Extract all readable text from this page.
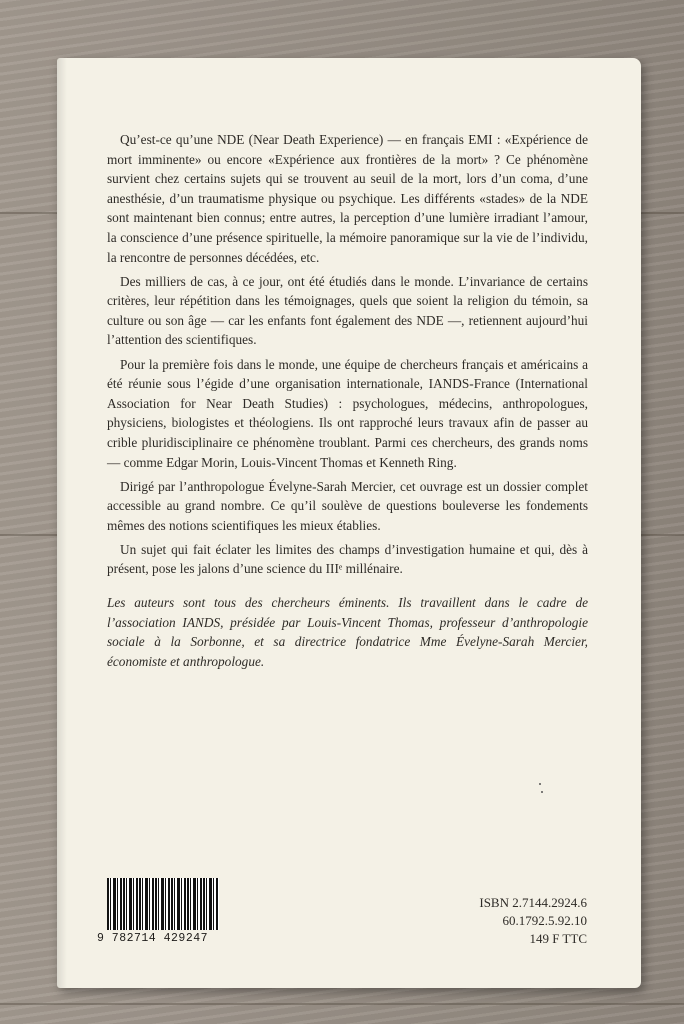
Qu’est-ce qu’une NDE (Near Death Experience) — en français EMI : «Expérience de mort imminente» ou encore «Expérience aux frontières de la mort» ? Ce phénomène survient chez certains sujets qui se trouvent au seuil de la mort, lors d’un coma, d’une anesthésie, d’un traumatisme physique ou psychique. Les différents «stades» de la NDE sont maintenant bien connus; entre autres, la perception d’une lumière irradiant l’amour, la conscience d’une présence spirituelle, la mémoire panoramique sur la vie de l’individu, la rencontre de personnes décédées, etc.

Des milliers de cas, à ce jour, ont été étudiés dans le monde. L’invariance de certains critères, leur répétition dans les témoignages, quels que soient la religion du témoin, sa culture ou son âge — car les enfants font également des NDE —, retiennent aujourd’hui l’attention des scientifiques.

Pour la première fois dans le monde, une équipe de chercheurs français et américains a été réunie sous l’égide d’une organisation internationale, IANDS-France (International Association for Near Death Studies) : psychologues, médecins, anthropologues, physiciens, biologistes et théologiens. Ils ont rapproché leurs travaux afin de passer au crible pluridisciplinaire ce phénomène troublant. Parmi ces chercheurs, des grands noms — comme Edgar Morin, Louis-Vincent Thomas et Kenneth Ring.

Dirigé par l’anthropologue Évelyne-Sarah Mercier, cet ouvrage est un dossier complet accessible au grand nombre. Ce qu’il soulève de questions bouleverse les fondements mêmes des notions scientifiques les mieux établies.

Un sujet qui fait éclater les limites des champs d’investigation humaine et qui, dès à présent, pose les jalons d’une science du IIIᵉ millénaire.

Les auteurs sont tous des chercheurs éminents. Ils travaillent dans le cadre de l’association IANDS, présidée par Louis-Vincent Thomas, professeur d’anthropologie sociale à la Sorbonne, et sa directrice fondatrice Mme Évelyne-Sarah Mercier, économiste et anthropologue.

9 782714 429247
ISBN 2.7144.2924.6
60.1792.5.92.10
149 F TTC
